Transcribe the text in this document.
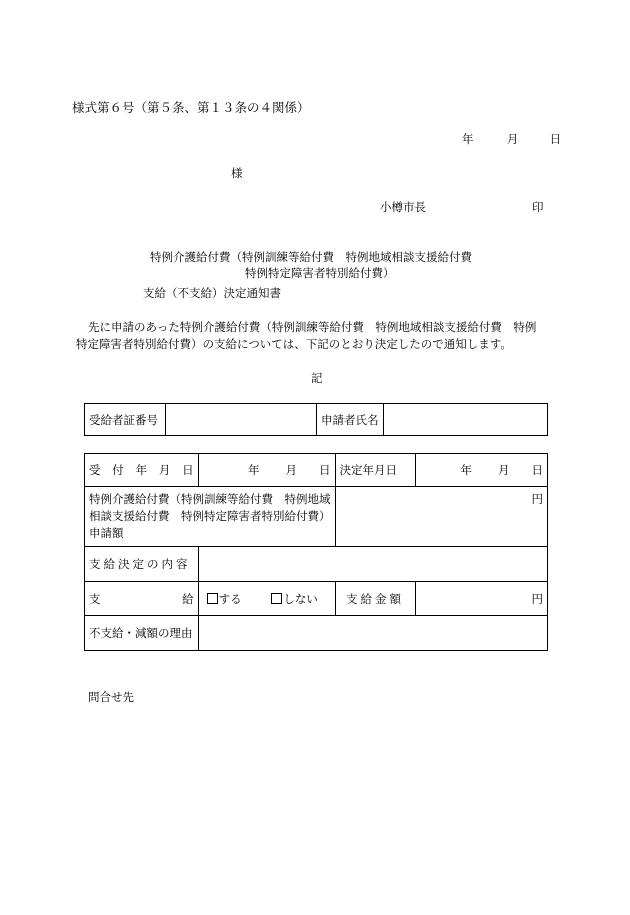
様式第６号（第５条、第１３条の４関係）
年	月	日
様
小樽市長	印
特例介護給付費（特例訓練等給付費　特例地域相談支援給付費
特例特定障害者特別給付費）
支給（不支給）決定通知書
先に申請のあった特例介護給付費（特例訓練等給付費　特例地域相談支援給付費　特例
特定障害者特別給付費）の支給については、下記のとおり決定したので通知します。
記
受給者証番号		申請者氏名	
受 付 年 月 日	年 月 日	決定年月日	年 月 日

特例介護給付費（特例訓練等給付費　特例地域
相談支援給付費　特例特定障害者特別給付費）
申請額		円	

支給決定の内容			

支 給	する しない	支給金額	円
不支給・減額の理由			
問合せ先
